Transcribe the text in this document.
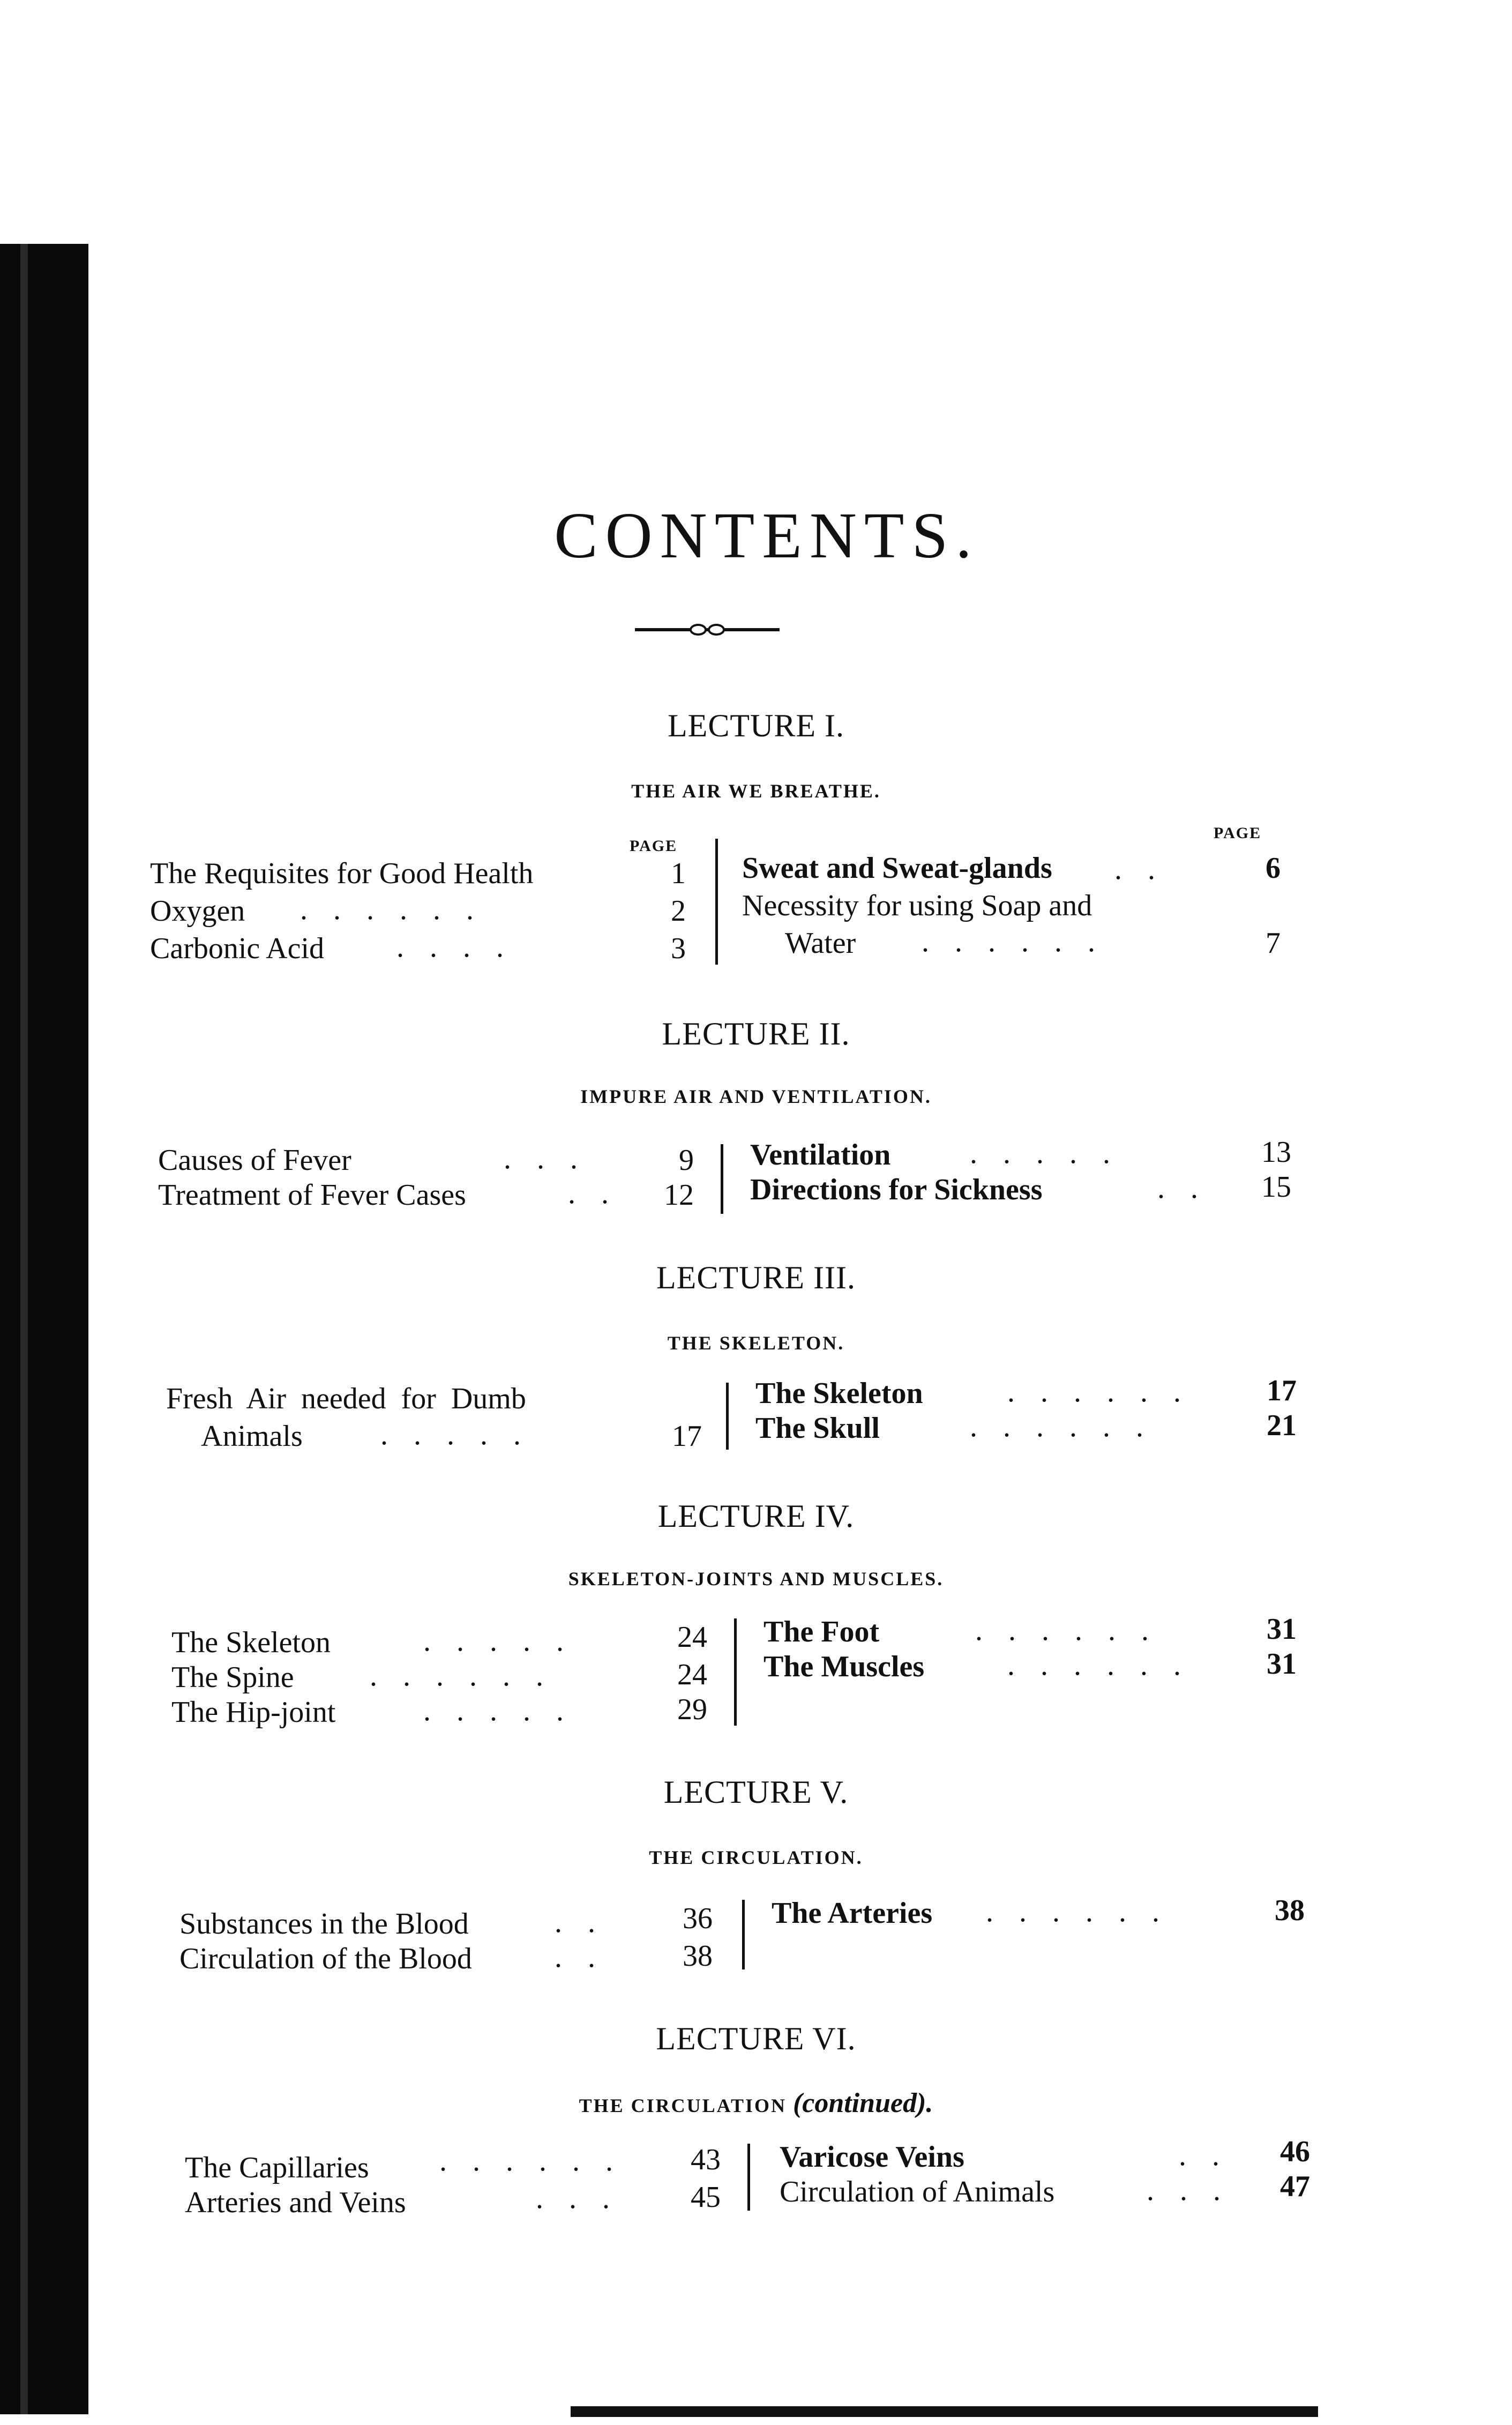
CONTENTS.
LECTURE I.
THE AIR WE BREATHE.
PAGE
PAGE
The Requisites for Good Health	1
Oxygen ......	2
Carbonic Acid ....	3
Sweat and Sweat-glands ..	6
Necessity for using Soap and
Water ......	7
LECTURE II.
IMPURE AIR AND VENTILATION.
Causes of Fever	...	9
Treatment of Fever Cases	.. 12
Ventilation	.....	13
Directions for Sickness	..	15
LECTURE III.
THE SKELETON.
Fresh Air needed for Dumb
Animals	.....	17
The Skeleton	......	17
The Skull	......	21
LECTURE IV.
SKELETON-JOINTS AND MUSCLES.
The Skeleton	.....	24
The Spine	......	24
The Hip-joint	.....	29
The Foot	......	31
The Muscles	......	31
LECTURE V.
THE CIRCULATION.
Substances in the Blood	..	36
Circulation of the Blood	..	38
The Arteries ......	38
LECTURE VI.
THE CIRCULATION (continued).
The Capillaries ......	43
Arteries and Veins	...	45
Varicose Veins	..	46
Circulation of Animals	...	47
